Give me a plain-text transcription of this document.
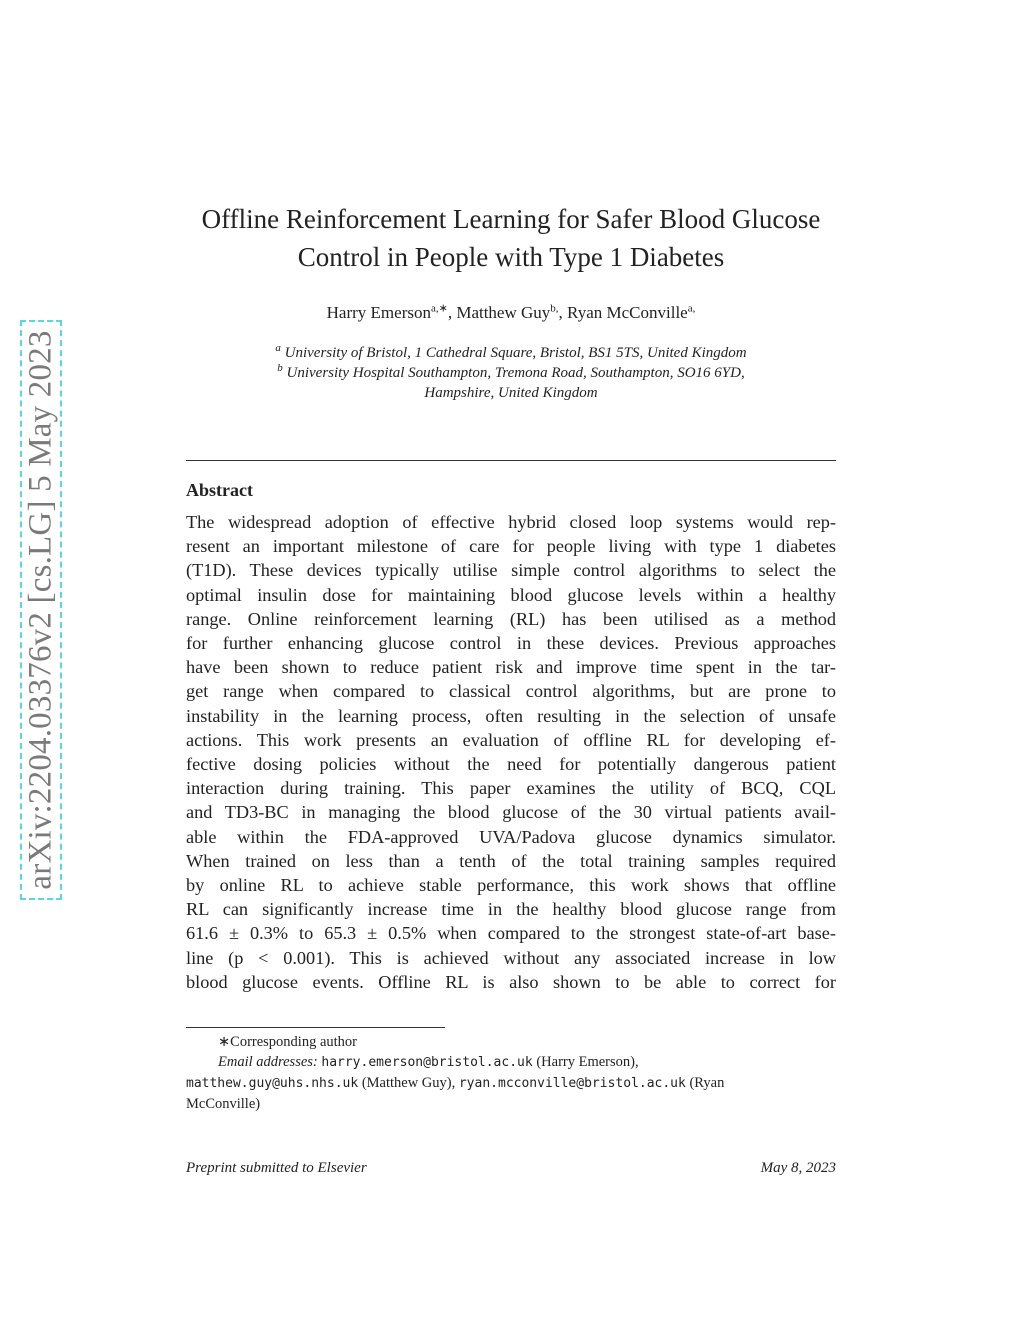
arXiv:2204.03376v2 [cs.LG] 5 May 2023
Offline Reinforcement Learning for Safer Blood Glucose
Control in People with Type 1 Diabetes
Harry Emerson$^{a,∗}$, Matthew Guy$^{b,}$, Ryan McConville$^{a,}$
$^a$ University of Bristol, 1 Cathedral Square, Bristol, BS1 5TS, United Kingdom
$^b$ University Hospital Southampton, Tremona Road, Southampton, SO16 6YD,
Hampshire, United Kingdom
Abstract
The widespread adoption of effective hybrid closed loop systems would rep-
resent an important milestone of care for people living with type 1 diabetes
(T1D). These devices typically utilise simple control algorithms to select the
optimal insulin dose for maintaining blood glucose levels within a healthy
range. Online reinforcement learning (RL) has been utilised as a method
for further enhancing glucose control in these devices. Previous approaches
have been shown to reduce patient risk and improve time spent in the tar-
get range when compared to classical control algorithms, but are prone to
instability in the learning process, often resulting in the selection of unsafe
actions. This work presents an evaluation of offline RL for developing ef-
fective dosing policies without the need for potentially dangerous patient
interaction during training. This paper examines the utility of BCQ, CQL
and TD3-BC in managing the blood glucose of the 30 virtual patients avail-
able within the FDA-approved UVA/Padova glucose dynamics simulator.
When trained on less than a tenth of the total training samples required
by online RL to achieve stable performance, this work shows that offline
RL can significantly increase time in the healthy blood glucose range from
61.6 ± 0.3% to 65.3 ± 0.5% when compared to the strongest state-of-art base-
line (p < 0.001). This is achieved without any associated increase in low
blood glucose events. Offline RL is also shown to be able to correct for
∗Corresponding author
Email addresses: harry.emerson@bristol.ac.uk (Harry Emerson),
matthew.guy@uhs.nhs.uk (Matthew Guy), ryan.mcconville@bristol.ac.uk (Ryan
McConville)
Preprint submitted to Elsevier	May 8, 2023
